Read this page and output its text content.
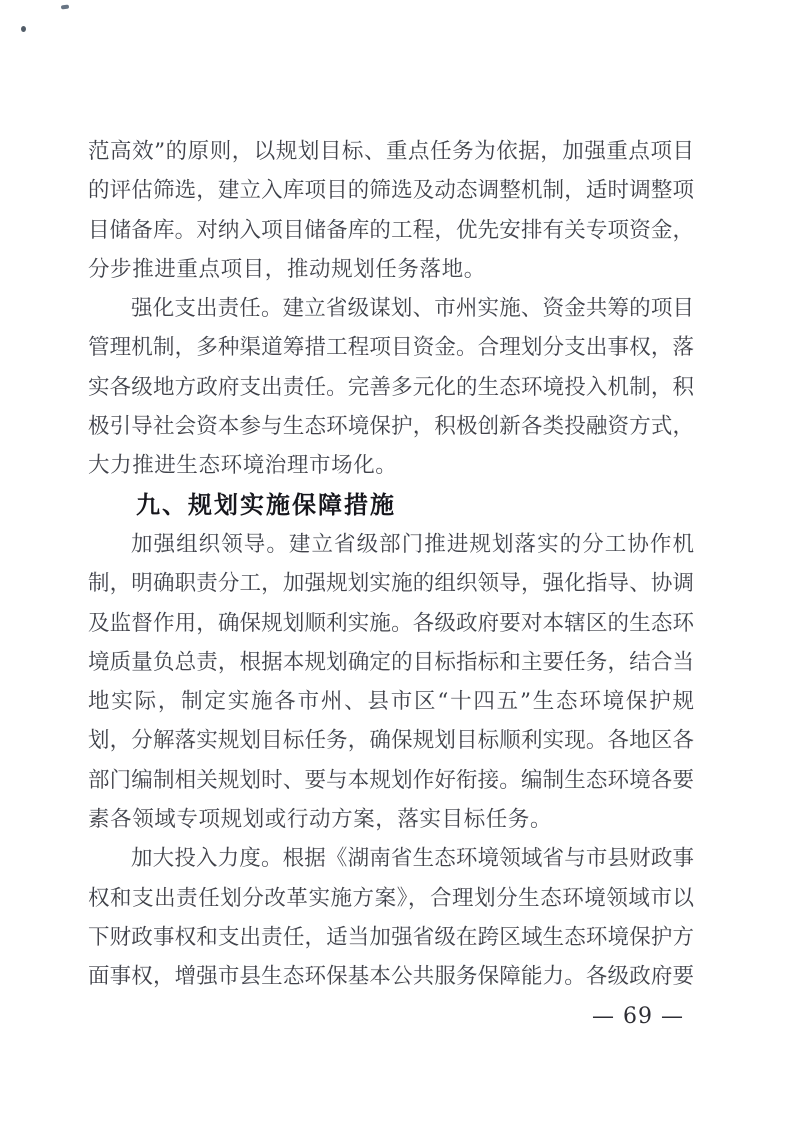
范高效”的原则，以规划目标、重点任务为依据，加强重点项目
的评估筛选，建立入库项目的筛选及动态调整机制，适时调整项
目储备库。对纳入项目储备库的工程，优先安排有关专项资金，
分步推进重点项目，推动规划任务落地。
强化支出责任。建立省级谋划、市州实施、资金共筹的项目
管理机制，多种渠道筹措工程项目资金。合理划分支出事权，落
实各级地方政府支出责任。完善多元化的生态环境投入机制，积
极引导社会资本参与生态环境保护，积极创新各类投融资方式，
大力推进生态环境治理市场化。
九、规划实施保障措施
加强组织领导。建立省级部门推进规划落实的分工协作机
制，明确职责分工，加强规划实施的组织领导，强化指导、协调
及监督作用，确保规划顺利实施。各级政府要对本辖区的生态环
境质量负总责，根据本规划确定的目标指标和主要任务，结合当
地实际，制定实施各市州、县市区“十四五”生态环境保护规
划，分解落实规划目标任务，确保规划目标顺利实现。各地区各
部门编制相关规划时、要与本规划作好衔接。编制生态环境各要
素各领域专项规划或行动方案，落实目标任务。
加大投入力度。根据《湖南省生态环境领域省与市县财政事
权和支出责任划分改革实施方案》，合理划分生态环境领域市以
下财政事权和支出责任，适当加强省级在跨区域生态环境保护方
面事权，增强市县生态环保基本公共服务保障能力。各级政府要
— 69 —
